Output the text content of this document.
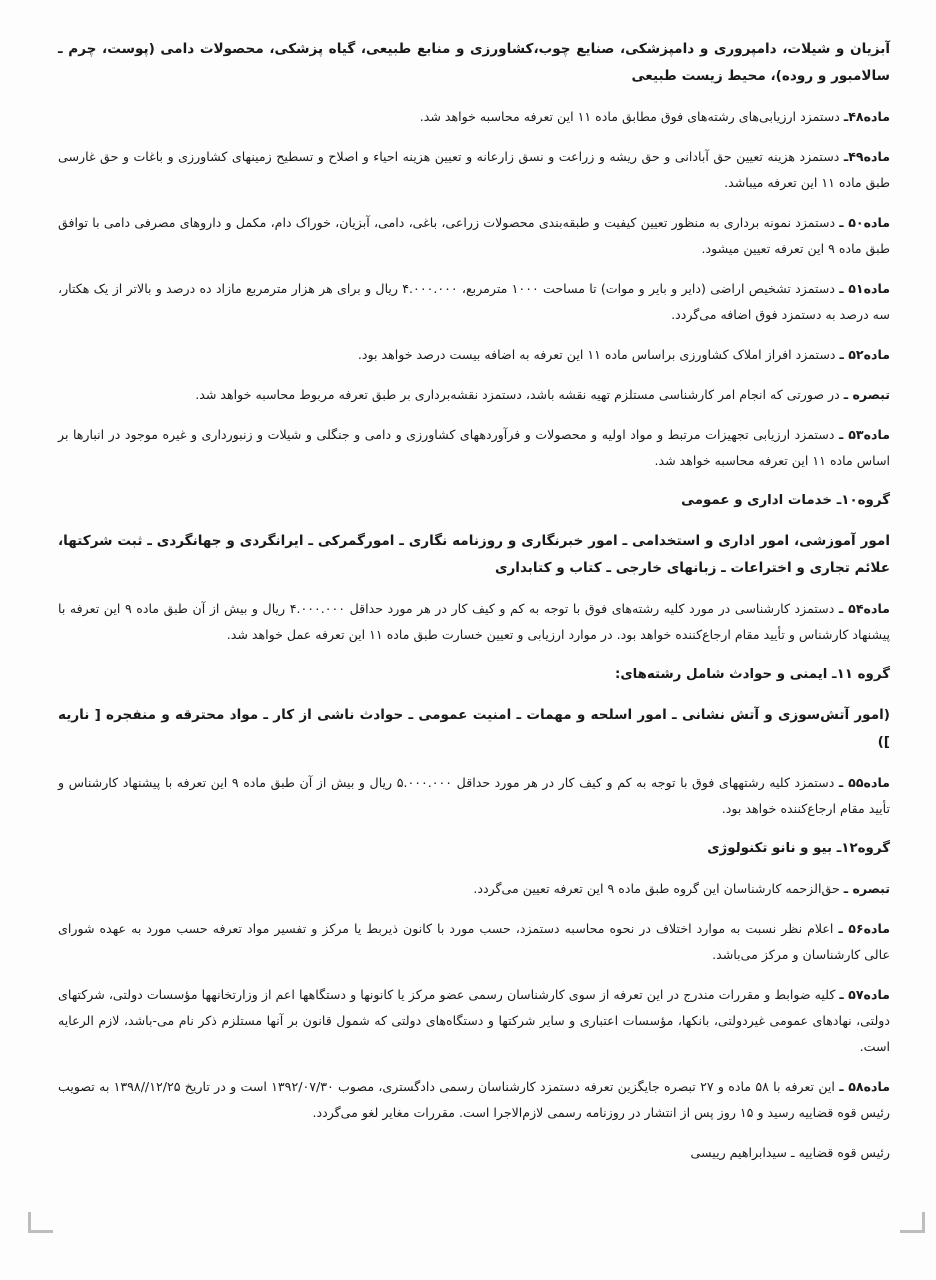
آبزیان و شیلات، دامپروری و دامپزشکی، صنایع چوب،کشاورزی و منابع طبیعی، گیاه پزشکی، محصولات دامی (پوست، چرم ـ سالامبور و روده)، محیط زیست طبیعی

ماده۴۸ـ دستمزد ارزیابی‌های رشته‌های فوق مطابق ماده ۱۱ این تعرفه محاسبه خواهد شد.

ماده۴۹ـ دستمزد هزینه تعیین حق آبادانی و حق ریشه و زراعت و نسق زارعانه و تعیین هزینه احیاء و اصلاح و تسطیح زمینهای کشاورزی و باغات و حق غارسی طبق ماده ۱۱ این تعرفه میباشد.

ماده۵۰ ـ دستمزد نمونه برداری به منظور تعیین کیفیت و طبقه‌بندی محصولات زراعی، باغی، دامی، آبزیان، خوراک دام، مکمل و داروهای مصرفی دامی با توافق طبق ماده ۹ این تعرفه تعیین میشود.

ماده۵۱ ـ دستمزد تشخیص اراضی (دایر و بایر و موات) تا مساحت ۱۰۰۰ مترمربع، ۴.۰۰۰.۰۰۰ ریال و برای هر هزار مترمربع مازاد ده درصد و بالاتر از یک هکتار، سه درصد به دستمزد فوق اضافه می‌گردد.

ماده۵۲ ـ دستمزد افراز املاک کشاورزی براساس ماده ۱۱ این تعرفه به اضافه بیست درصد خواهد بود.

تبصره ـ در صورتی که انجام امر کارشناسی مستلزم تهیه نقشه باشد، دستمزد نقشه‌برداری بر طبق تعرفه مربوط محاسبه خواهد شد.

ماده۵۳ ـ دستمزد ارزیابی تجهیزات مرتبط و مواد اولیه و محصولات و فرآوردههای کشاورزی و دامی و جنگلی و شیلات و زنبورداری و غیره موجود در انبارها بر اساس ماده ۱۱ این تعرفه محاسبه خواهد شد.

گروه۱۰ـ خدمات اداری و عمومی

امور آموزشی، امور اداری و استخدامی ـ امور خبرنگاری و روزنامه نگاری ـ امورگمرکی ـ ایرانگردی و جهانگردی ـ ثبت شرکتها، علائم تجاری و اختراعات ـ زبانهای خارجی ـ کتاب و کتابداری

ماده۵۴ ـ دستمزد کارشناسی در مورد کلیه رشته‌های فوق با توجه به کم و کیف کار در هر مورد حداقل ۴.۰۰۰.۰۰۰ ریال و بیش از آن طبق ماده ۹ این تعرفه با پیشنهاد کارشناس و تأیید مقام ارجاع‌کننده خواهد بود. در موارد ارزیابی و تعیین خسارت طبق ماده ۱۱ این تعرفه عمل خواهد شد.

گروه ۱۱ـ ایمنی و حوادث شامل رشته‌های:

(امور آتش‌سوزی و آتش نشانی ـ امور اسلحه و مهمات ـ امنیت عمومی ـ حوادث ناشی از کار ـ مواد محترقه و منفجره [ ناریه ])

ماده۵۵ ـ دستمزد کلیه رشتههای فوق با توجه به کم و کیف کار در هر مورد حداقل ۵.۰۰۰.۰۰۰ ریال و بیش از آن طبق ماده ۹ این تعرفه با پیشنهاد کارشناس و تأیید مقام ارجاع‌کننده خواهد بود.

گروه۱۲ـ بیو و نانو تکنولوژی

تبصره ـ حق‌الزحمه کارشناسان این گروه طبق ماده ۹ این تعرفه تعیین می‌گردد.

ماده۵۶ ـ اعلام نظر نسبت به موارد اختلاف در نحوه محاسبه دستمزد، حسب مورد با کانون ذیربط یا مرکز و تفسیر مواد تعرفه حسب مورد به عهده شورای عالی کارشناسان و مرکز می‌باشد.

ماده۵۷ ـ کلیه ضوابط و مقررات مندرج در این تعرفه از سوی کارشناسان رسمی عضو مرکز یا کانونها و دستگاهها اعم از وزارتخانهها مؤسسات دولتی، شرکتهای دولتی، نهادهای عمومی غیردولتی، بانکها، مؤسسات اعتباری و سایر شرکتها و دستگاه‌های دولتی که شمول قانون بر آنها مستلزم ذکر نام می-باشد، لازم الرعایه است.

ماده۵۸ ـ این تعرفه با ۵۸ ماده و ۲۷ تبصره جایگزین تعرفه دستمزد کارشناسان رسمی دادگستری، مصوب ۱۳۹۲/۰۷/۳۰ است و در تاریخ ۱۲/۲۵//۱۳۹۸ به تصویب رئیس قوه قضاییه رسید و ۱۵ روز پس از انتشار در روزنامه رسمی لازم‌الاجرا است. مقررات مغایر لغو می‌گردد.

رئیس قوه قضاییه ـ سیدابراهیم رییسی
